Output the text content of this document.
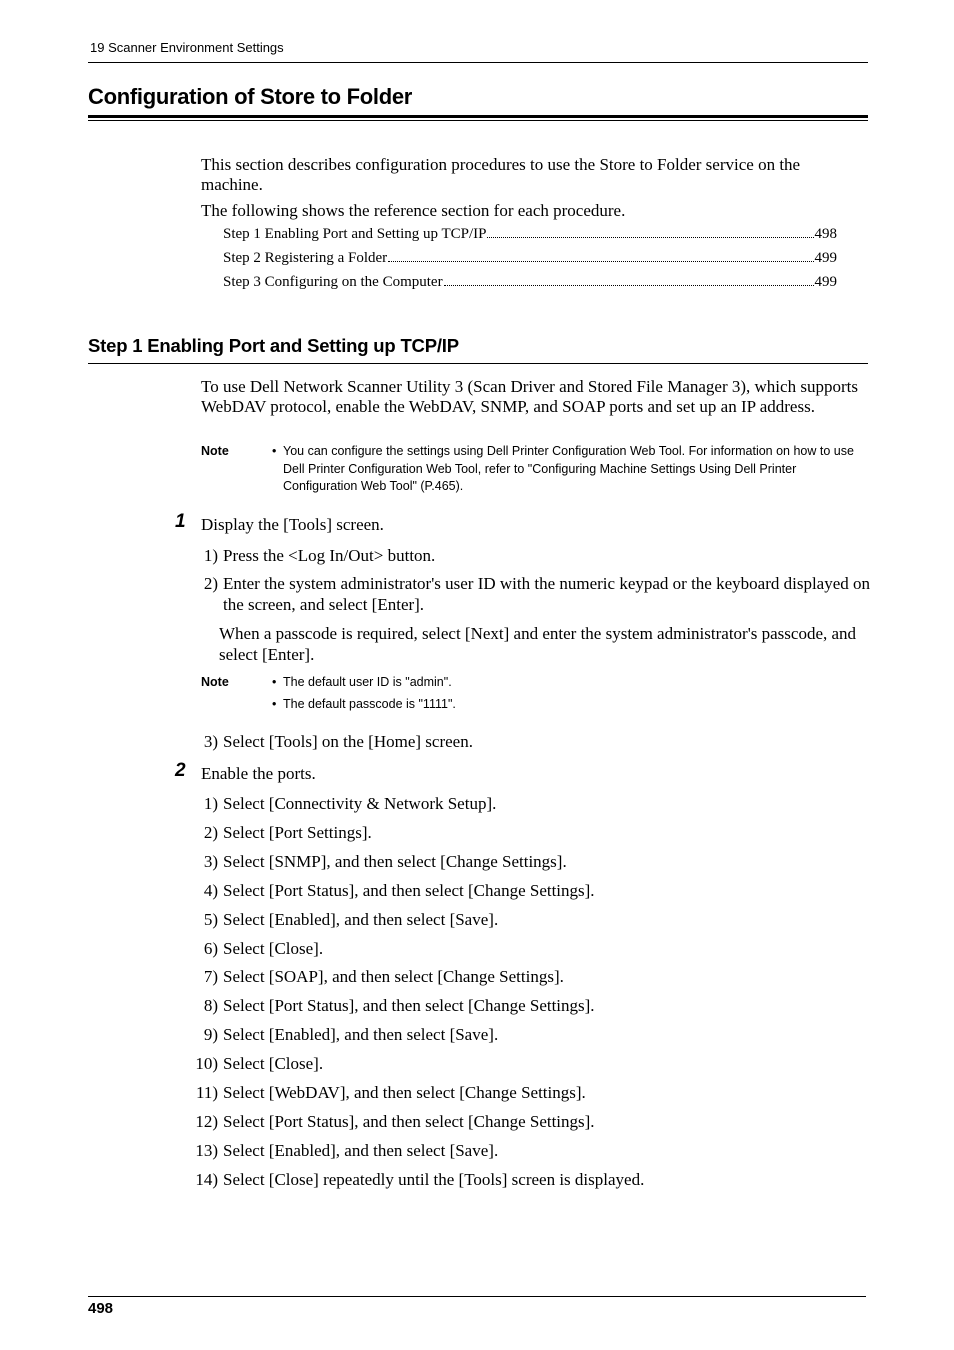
19 Scanner Environment Settings
Configuration of Store to Folder
This section describes configuration procedures to use the Store to Folder service on the machine.
The following shows the reference section for each procedure.
Step 1 Enabling Port and Setting up TCP/IP	498
Step 2 Registering a Folder	499
Step 3 Configuring on the Computer	499
Step 1 Enabling Port and Setting up TCP/IP
To use Dell Network Scanner Utility 3 (Scan Driver and Stored File Manager 3), which supports WebDAV protocol, enable the WebDAV, SNMP, and SOAP ports and set up an IP address.
Note	• You can configure the settings using Dell Printer Configuration Web Tool. For information on how to use Dell Printer Configuration Web Tool, refer to "Configuring Machine Settings Using Dell Printer Configuration Web Tool" (P.465).
1 Display the [Tools] screen.
1) Press the <Log In/Out> button.
2) Enter the system administrator's user ID with the numeric keypad or the keyboard displayed on the screen, and select [Enter].
When a passcode is required, select [Next] and enter the system administrator's passcode, and select [Enter].
Note	• The default user ID is "admin".
• The default passcode is "1111".
3) Select [Tools] on the [Home] screen.
2 Enable the ports.
498
1) Select [Connectivity & Network Setup].
2) Select [Port Settings].
3) Select [SNMP], and then select [Change Settings].
4) Select [Port Status], and then select [Change Settings].
5) Select [Enabled], and then select [Save].
6) Select [Close].
7) Select [SOAP], and then select [Change Settings].
8) Select [Port Status], and then select [Change Settings].
9) Select [Enabled], and then select [Save].
10) Select [Close].
11) Select [WebDAV], and then select [Change Settings].
12) Select [Port Status], and then select [Change Settings].
13) Select [Enabled], and then select [Save].
14) Select [Close] repeatedly until the [Tools] screen is displayed.
